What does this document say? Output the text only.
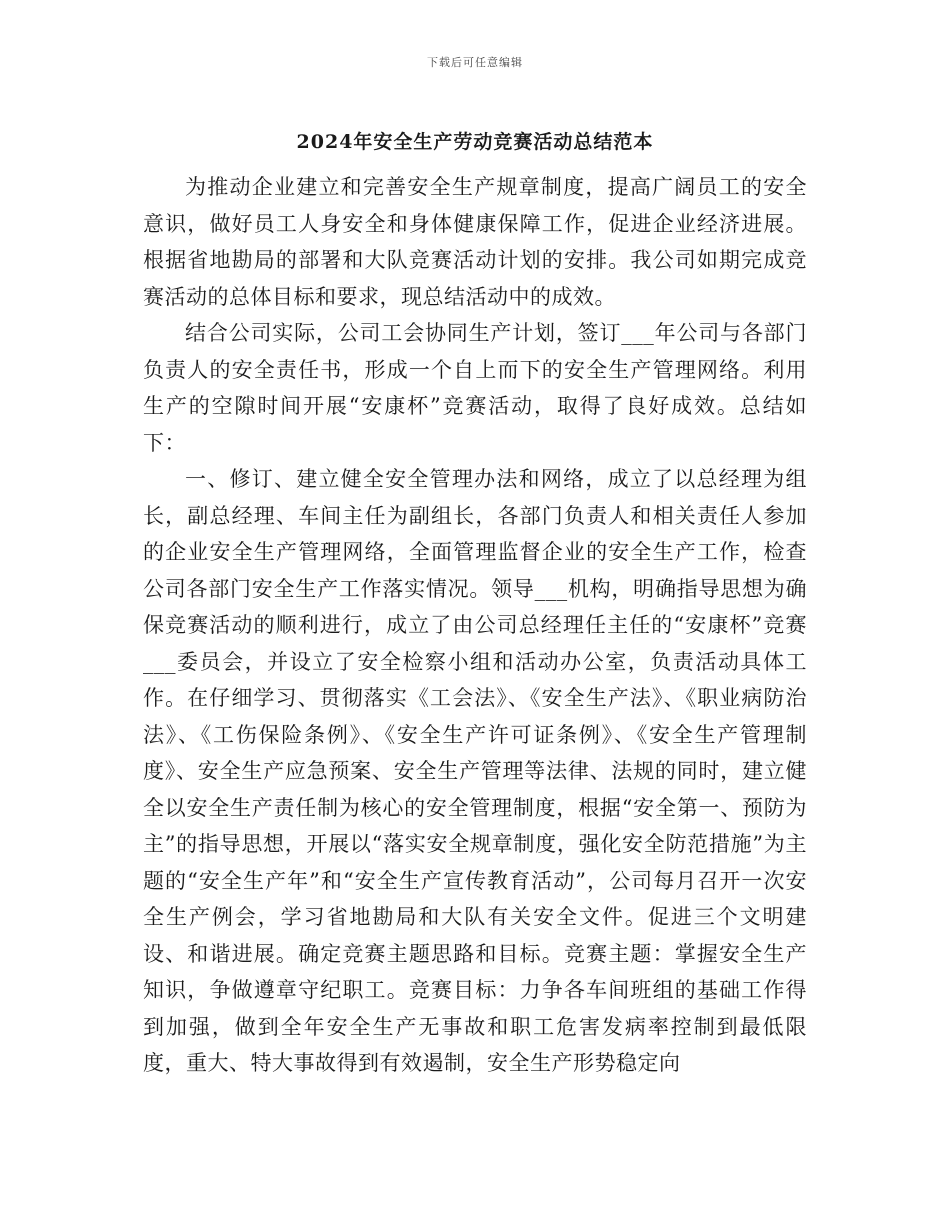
下载后可任意编辑
2024年安全生产劳动竞赛活动总结范本

为推动企业建立和完善安全生产规章制度，提高广阔员工的安全意识，做好员工人身安全和身体健康保障工作，促进企业经济进展。根据省地勘局的部署和大队竞赛活动计划的安排。我公司如期完成竞赛活动的总体目标和要求，现总结活动中的成效。

结合公司实际，公司工会协同生产计划，签订___年公司与各部门负责人的安全责任书，形成一个自上而下的安全生产管理网络。利用生产的空隙时间开展“安康杯”竞赛活动，取得了良好成效。总结如下：

一、修订、建立健全安全管理办法和网络，成立了以总经理为组长，副总经理、车间主任为副组长，各部门负责人和相关责任人参加的企业安全生产管理网络，全面管理监督企业的安全生产工作，检查公司各部门安全生产工作落实情况。领导___机构，明确指导思想为确保竞赛活动的顺利进行，成立了由公司总经理任主任的“安康杯”竞赛___委员会，并设立了安全检察小组和活动办公室，负责活动具体工作。在仔细学习、贯彻落实《工会法》、《安全生产法》、《职业病防治法》、《工伤保险条例》、《安全生产许可证条例》、《安全生产管理制度》、安全生产应急预案、安全生产管理等法律、法规的同时，建立健全以安全生产责任制为核心的安全管理制度，根据“安全第一、预防为主”的指导思想，开展以“落实安全规章制度，强化安全防范措施”为主题的“安全生产年”和“安全生产宣传教育活动”，公司每月召开一次安全生产例会，学习省地勘局和大队有关安全文件。促进三个文明建设、和谐进展。确定竞赛主题思路和目标。竞赛主题：掌握安全生产知识，争做遵章守纪职工。竞赛目标：力争各车间班组的基础工作得到加强，做到全年安全生产无事故和职工危害发病率控制到最低限度，重大、特大事故得到有效遏制，安全生产形势稳定向
